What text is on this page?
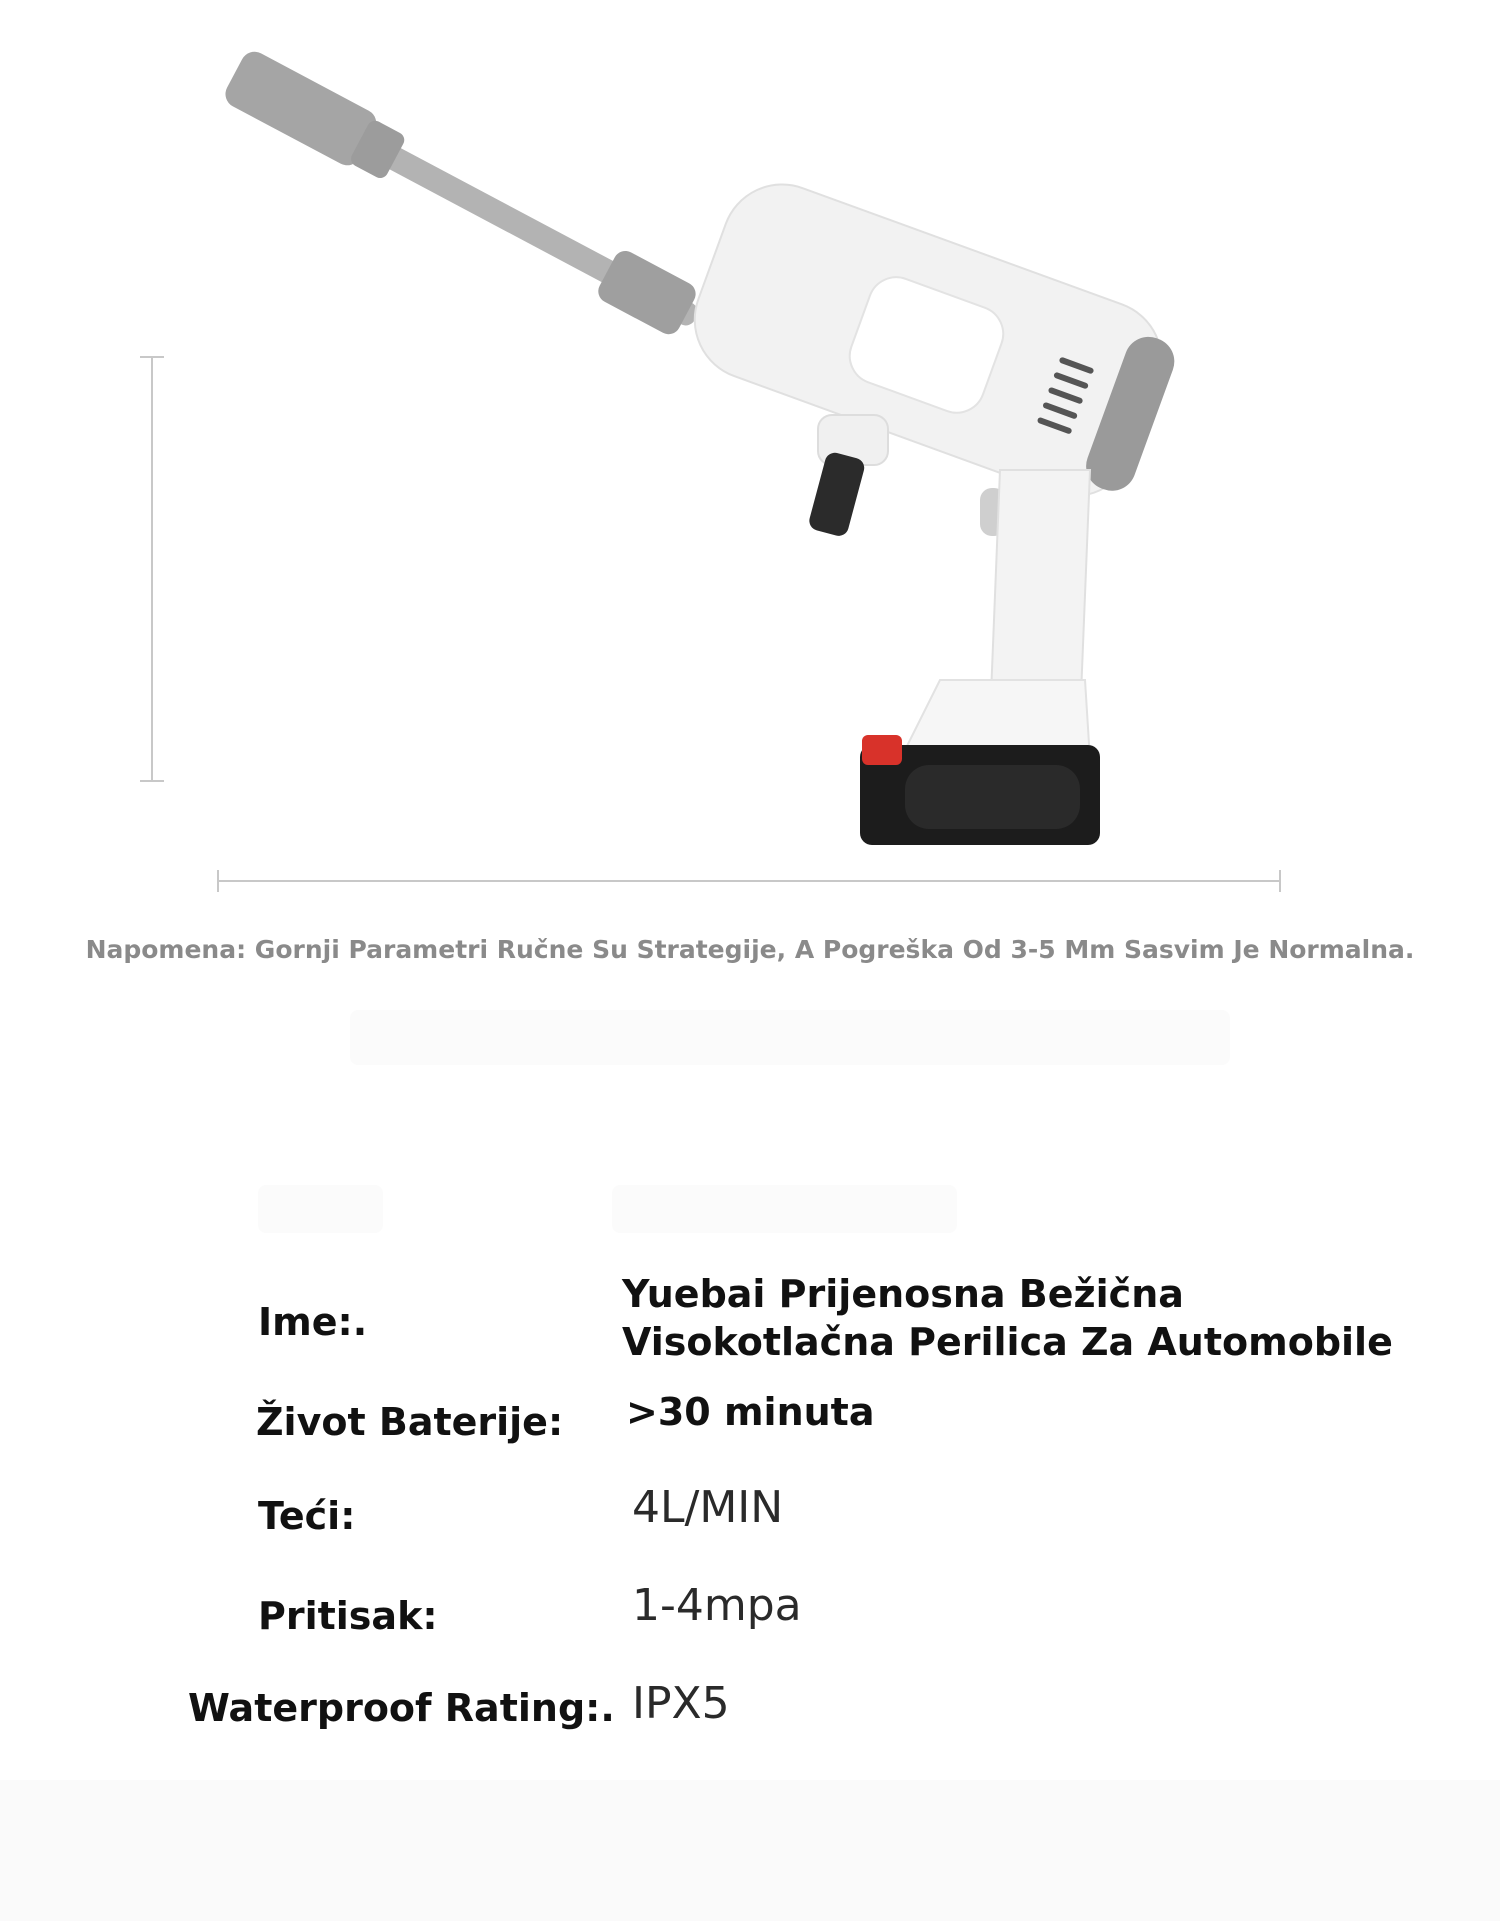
Napomena: Gornji Parametri Ručne Su Strategije, A Pogreška Od 3-5 Mm Sasvim Je Normalna.
Ime:.
Yuebai Prijenosna Bežična
Visokotlačna Perilica Za Automobile
Život Baterije: >30 minuta
Teći:	4L/MIN
Pritisak:	1-4mpa
Waterproof Rating:. IPX5
